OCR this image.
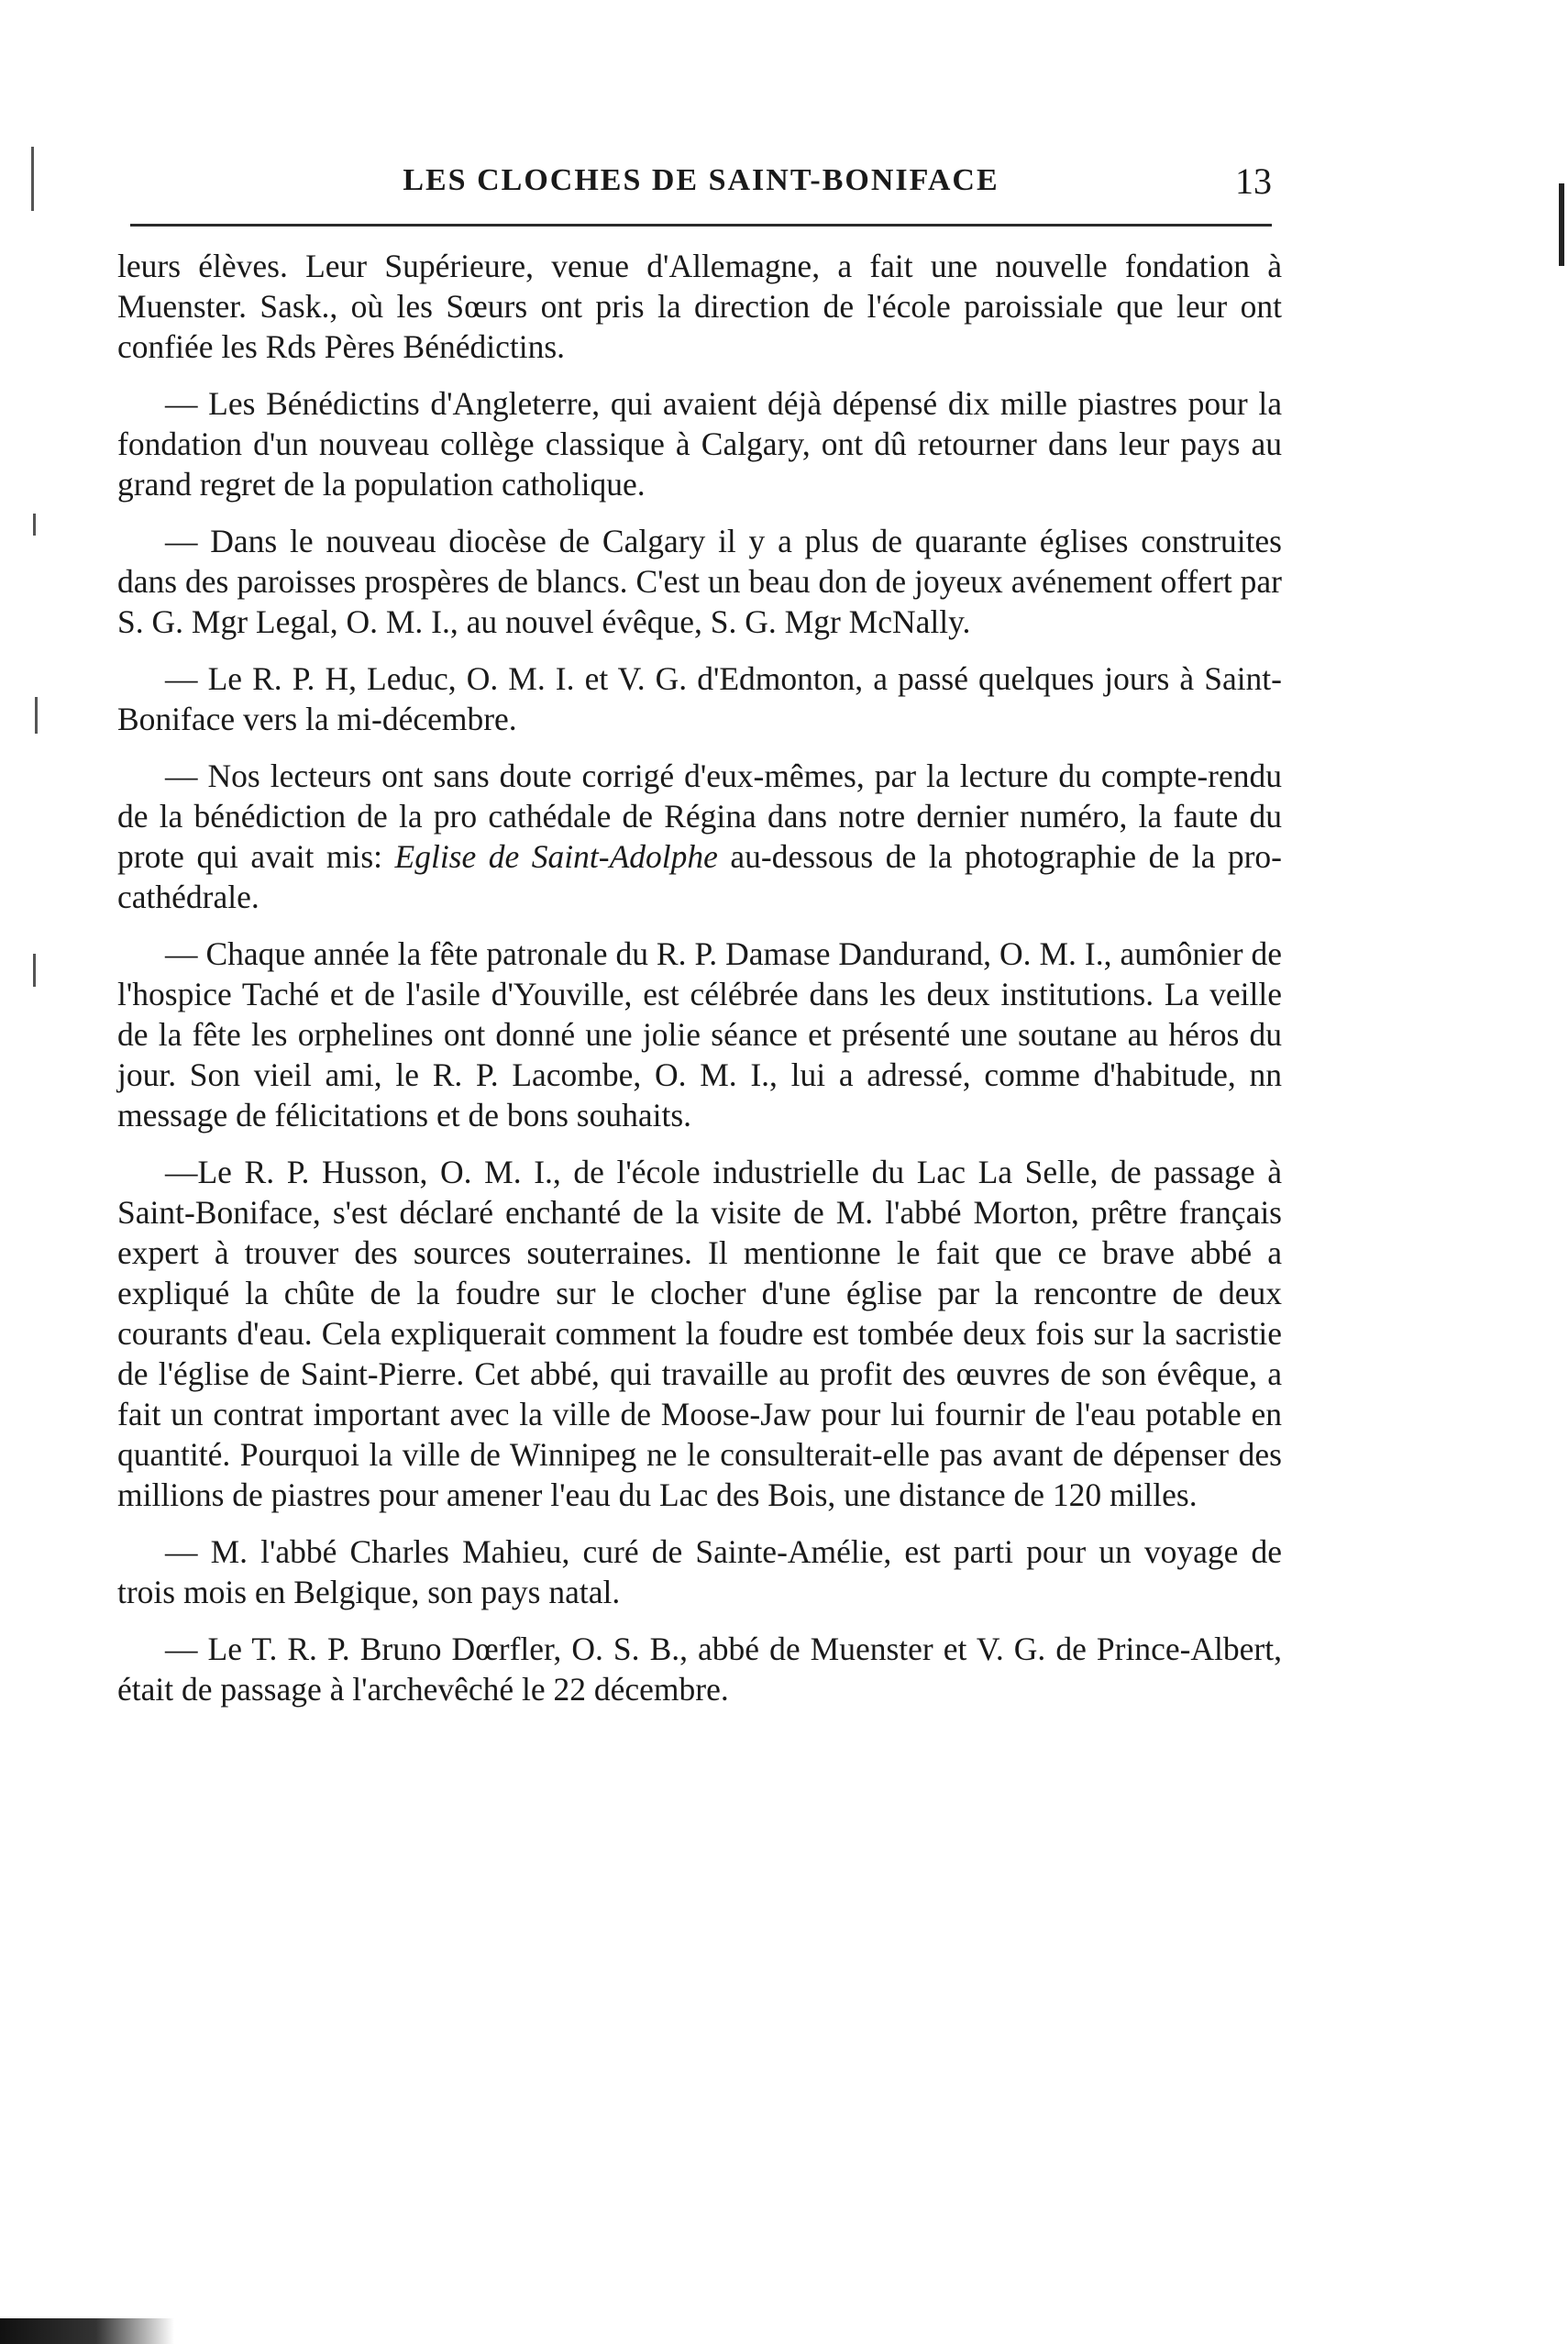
LES CLOCHES DE SAINT-BONIFACE	13

leurs élèves. Leur Supérieure, venue d'Allemagne, a fait une nouvelle fondation à Muenster. Sask., où les Sœurs ont pris la direction de l'école paroissiale que leur ont confiée les Rds Pères Bénédictins.

— Les Bénédictins d'Angleterre, qui avaient déjà dépensé dix mille piastres pour la fondation d'un nouveau collège classique à Calgary, ont dû retourner dans leur pays au grand regret de la population catholique.

— Dans le nouveau diocèse de Calgary il y a plus de quarante églises construites dans des paroisses prospères de blancs. C'est un beau don de joyeux avénement offert par S. G. Mgr Legal, O. M. I., au nouvel évêque, S. G. Mgr McNally.

— Le R. P. H, Leduc, O. M. I. et V. G. d'Edmonton, a passé quelques jours à Saint-Boniface vers la mi-décembre.

— Nos lecteurs ont sans doute corrigé d'eux-mêmes, par la lecture du compte-rendu de la bénédiction de la pro cathédale de Régina dans notre dernier numéro, la faute du prote qui avait mis: Eglise de Saint-Adolphe au-dessous de la photographie de la pro-cathédrale.

— Chaque année la fête patronale du R. P. Damase Dandurand, O. M. I., aumônier de l'hospice Taché et de l'asile d'Youville, est célébrée dans les deux institutions. La veille de la fête les orphelines ont donné une jolie séance et présenté une soutane au héros du jour. Son vieil ami, le R. P. Lacombe, O. M. I., lui a adressé, comme d'habitude, nn message de félicitations et de bons souhaits.

—Le R. P. Husson, O. M. I., de l'école industrielle du Lac La Selle, de passage à Saint-Boniface, s'est déclaré enchanté de la visite de M. l'abbé Morton, prêtre français expert à trouver des sources souterraines. Il mentionne le fait que ce brave abbé a expliqué la chûte de la foudre sur le clocher d'une église par la rencontre de deux courants d'eau. Cela expliquerait comment la foudre est tombée deux fois sur la sacristie de l'église de Saint-Pierre. Cet abbé, qui travaille au profit des œuvres de son évêque, a fait un contrat important avec la ville de Moose-Jaw pour lui fournir de l'eau potable en quantité. Pourquoi la ville de Winnipeg ne le consulterait-elle pas avant de dépenser des millions de piastres pour amener l'eau du Lac des Bois, une distance de 120 milles.

— M. l'abbé Charles Mahieu, curé de Sainte-Amélie, est parti pour un voyage de trois mois en Belgique, son pays natal.

— Le T. R. P. Bruno Dœrfler, O. S. B., abbé de Muenster et V. G. de Prince-Albert, était de passage à l'archevêché le 22 décembre.
